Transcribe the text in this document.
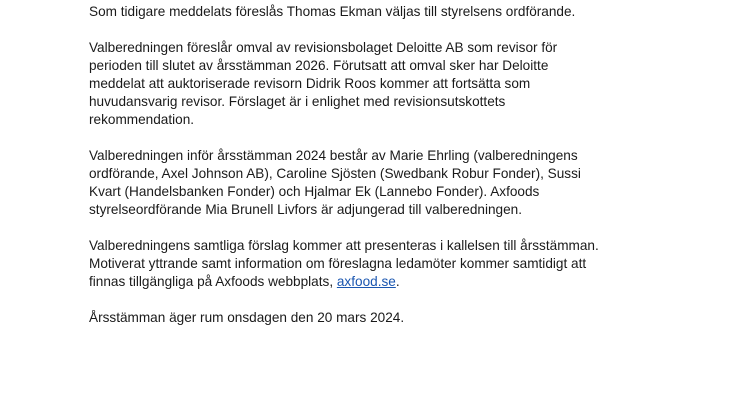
Som tidigare meddelats föreslås Thomas Ekman väljas till styrelsens ordförande.

Valberedningen föreslår omval av revisionsbolaget Deloitte AB som revisor för
perioden till slutet av årsstämman 2026. Förutsatt att omval sker har Deloitte
meddelat att auktoriserade revisorn Didrik Roos kommer att fortsätta som
huvudansvarig revisor. Förslaget är i enlighet med revisionsutskottets
rekommendation.

Valberedningen inför årsstämman 2024 består av Marie Ehrling (valberedningens
ordförande, Axel Johnson AB), Caroline Sjösten (Swedbank Robur Fonder), Sussi
Kvart (Handelsbanken Fonder) och Hjalmar Ek (Lannebo Fonder). Axfoods
styrelseordförande Mia Brunell Livfors är adjungerad till valberedningen.

Valberedningens samtliga förslag kommer att presenteras i kallelsen till årsstämman.
Motiverat yttrande samt information om föreslagna ledamöter kommer samtidigt att
finnas tillgängliga på Axfoods webbplats, axfood.se.

Årsstämman äger rum onsdagen den 20 mars 2024.
